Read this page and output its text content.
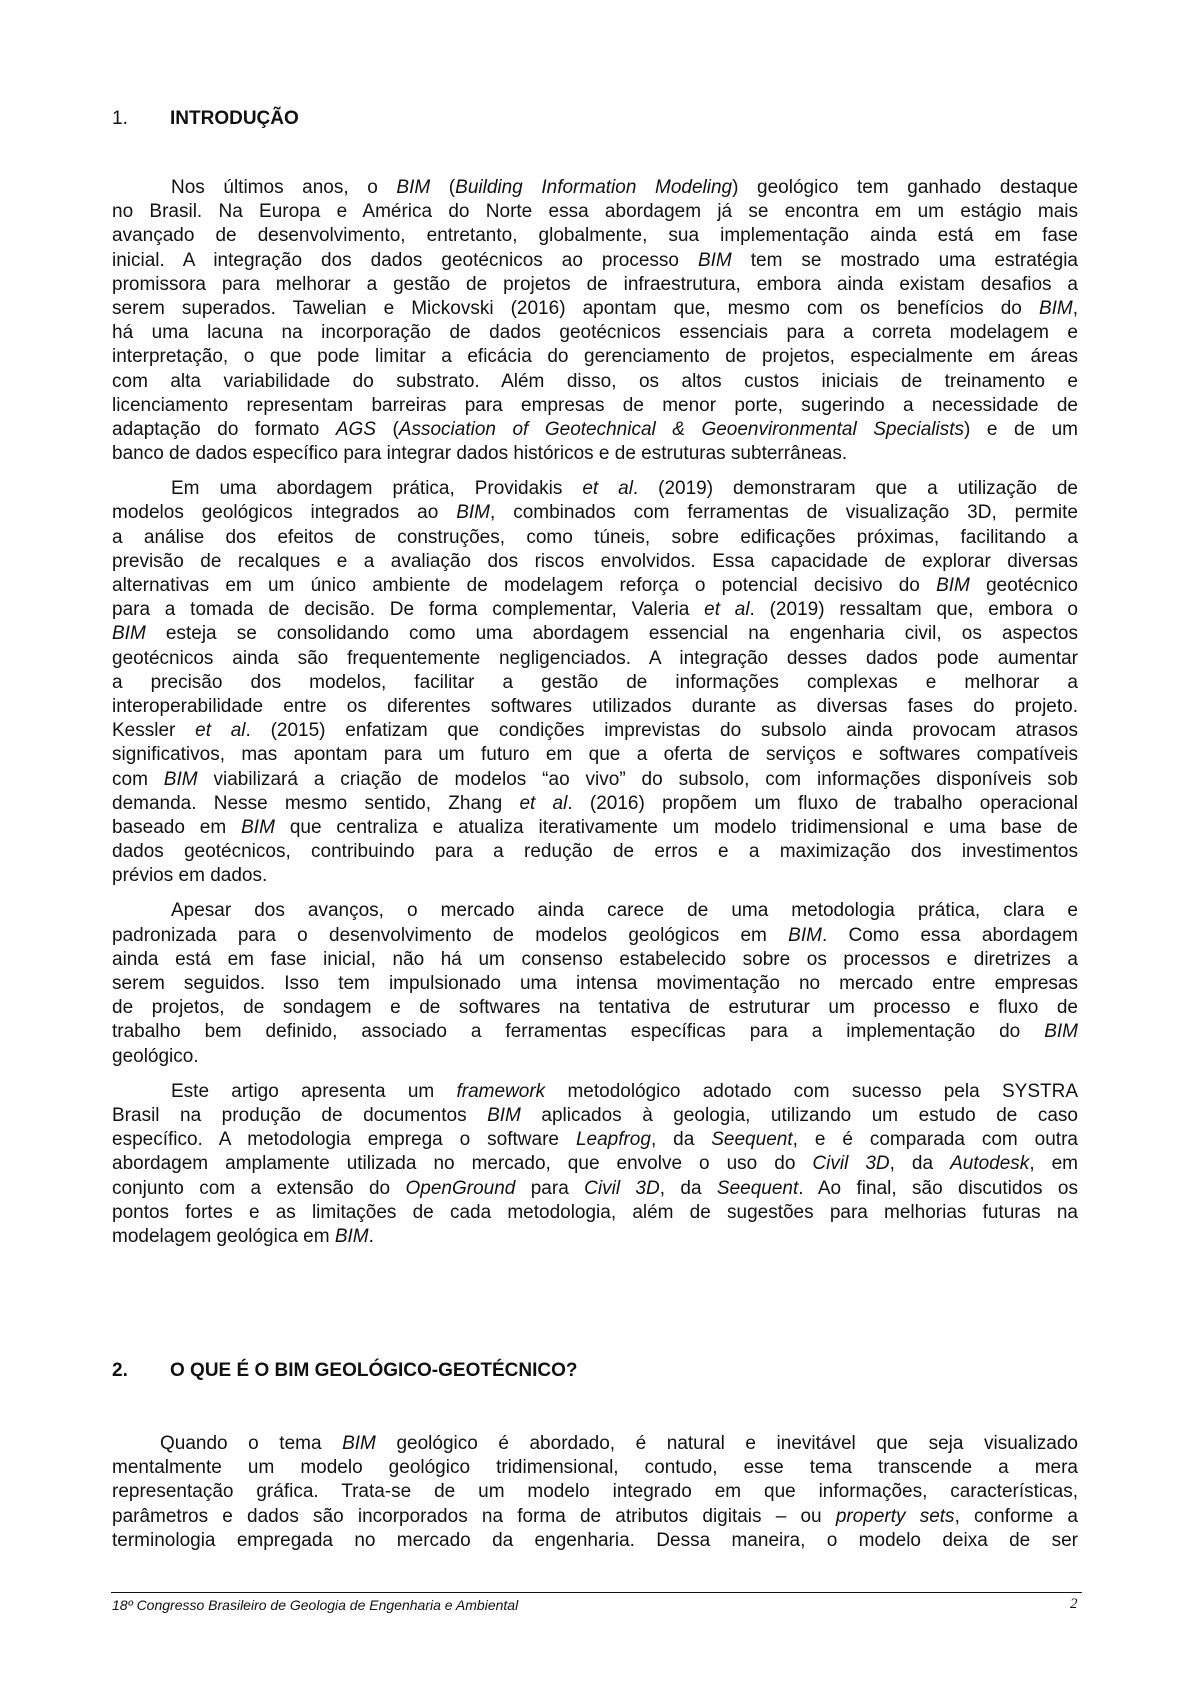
1. INTRODUÇÃO
Nos últimos anos, o BIM (Building Information Modeling) geológico tem ganhado destaque
no Brasil. Na Europa e América do Norte essa abordagem já se encontra em um estágio mais
avançado de desenvolvimento, entretanto, globalmente, sua implementação ainda está em fase
inicial. A integração dos dados geotécnicos ao processo BIM tem se mostrado uma estratégia
promissora para melhorar a gestão de projetos de infraestrutura, embora ainda existam desafios a
serem superados. Tawelian e Mickovski (2016) apontam que, mesmo com os benefícios do BIM,
há uma lacuna na incorporação de dados geotécnicos essenciais para a correta modelagem e
interpretação, o que pode limitar a eficácia do gerenciamento de projetos, especialmente em áreas
com alta variabilidade do substrato. Além disso, os altos custos iniciais de treinamento e
licenciamento representam barreiras para empresas de menor porte, sugerindo a necessidade de
adaptação do formato AGS (Association of Geotechnical & Geoenvironmental Specialists) e de um
banco de dados específico para integrar dados históricos e de estruturas subterrâneas.
Em uma abordagem prática, Providakis et al. (2019) demonstraram que a utilização de
modelos geológicos integrados ao BIM, combinados com ferramentas de visualização 3D, permite
a análise dos efeitos de construções, como túneis, sobre edificações próximas, facilitando a
previsão de recalques e a avaliação dos riscos envolvidos. Essa capacidade de explorar diversas
alternativas em um único ambiente de modelagem reforça o potencial decisivo do BIM geotécnico
para a tomada de decisão. De forma complementar, Valeria et al. (2019) ressaltam que, embora o
BIM esteja se consolidando como uma abordagem essencial na engenharia civil, os aspectos
geotécnicos ainda são frequentemente negligenciados. A integração desses dados pode aumentar
a precisão dos modelos, facilitar a gestão de informações complexas e melhorar a
interoperabilidade entre os diferentes softwares utilizados durante as diversas fases do projeto.
Kessler et al. (2015) enfatizam que condições imprevistas do subsolo ainda provocam atrasos
significativos, mas apontam para um futuro em que a oferta de serviços e softwares compatíveis
com BIM viabilizará a criação de modelos “ao vivo” do subsolo, com informações disponíveis sob
demanda. Nesse mesmo sentido, Zhang et al. (2016) propõem um fluxo de trabalho operacional
baseado em BIM que centraliza e atualiza iterativamente um modelo tridimensional e uma base de
dados geotécnicos, contribuindo para a redução de erros e a maximização dos investimentos
prévios em dados.
Apesar dos avanços, o mercado ainda carece de uma metodologia prática, clara e
padronizada para o desenvolvimento de modelos geológicos em BIM. Como essa abordagem
ainda está em fase inicial, não há um consenso estabelecido sobre os processos e diretrizes a
serem seguidos. Isso tem impulsionado uma intensa movimentação no mercado entre empresas
de projetos, de sondagem e de softwares na tentativa de estruturar um processo e fluxo de
trabalho bem definido, associado a ferramentas específicas para a implementação do BIM
geológico.
Este artigo apresenta um framework metodológico adotado com sucesso pela SYSTRA
Brasil na produção de documentos BIM aplicados à geologia, utilizando um estudo de caso
específico. A metodologia emprega o software Leapfrog, da Seequent, e é comparada com outra
abordagem amplamente utilizada no mercado, que envolve o uso do Civil 3D, da Autodesk, em
conjunto com a extensão do OpenGround para Civil 3D, da Seequent. Ao final, são discutidos os
pontos fortes e as limitações de cada metodologia, além de sugestões para melhorias futuras na
modelagem geológica em BIM.
2. O QUE É O BIM GEOLÓGICO-GEOTÉCNICO?
Quando o tema BIM geológico é abordado, é natural e inevitável que seja visualizado
mentalmente um modelo geológico tridimensional, contudo, esse tema transcende a mera
representação gráfica. Trata-se de um modelo integrado em que informações, características,
parâmetros e dados são incorporados na forma de atributos digitais – ou property sets, conforme a
terminologia empregada no mercado da engenharia. Dessa maneira, o modelo deixa de ser
18º Congresso Brasileiro de Geologia de Engenharia e Ambiental	2
